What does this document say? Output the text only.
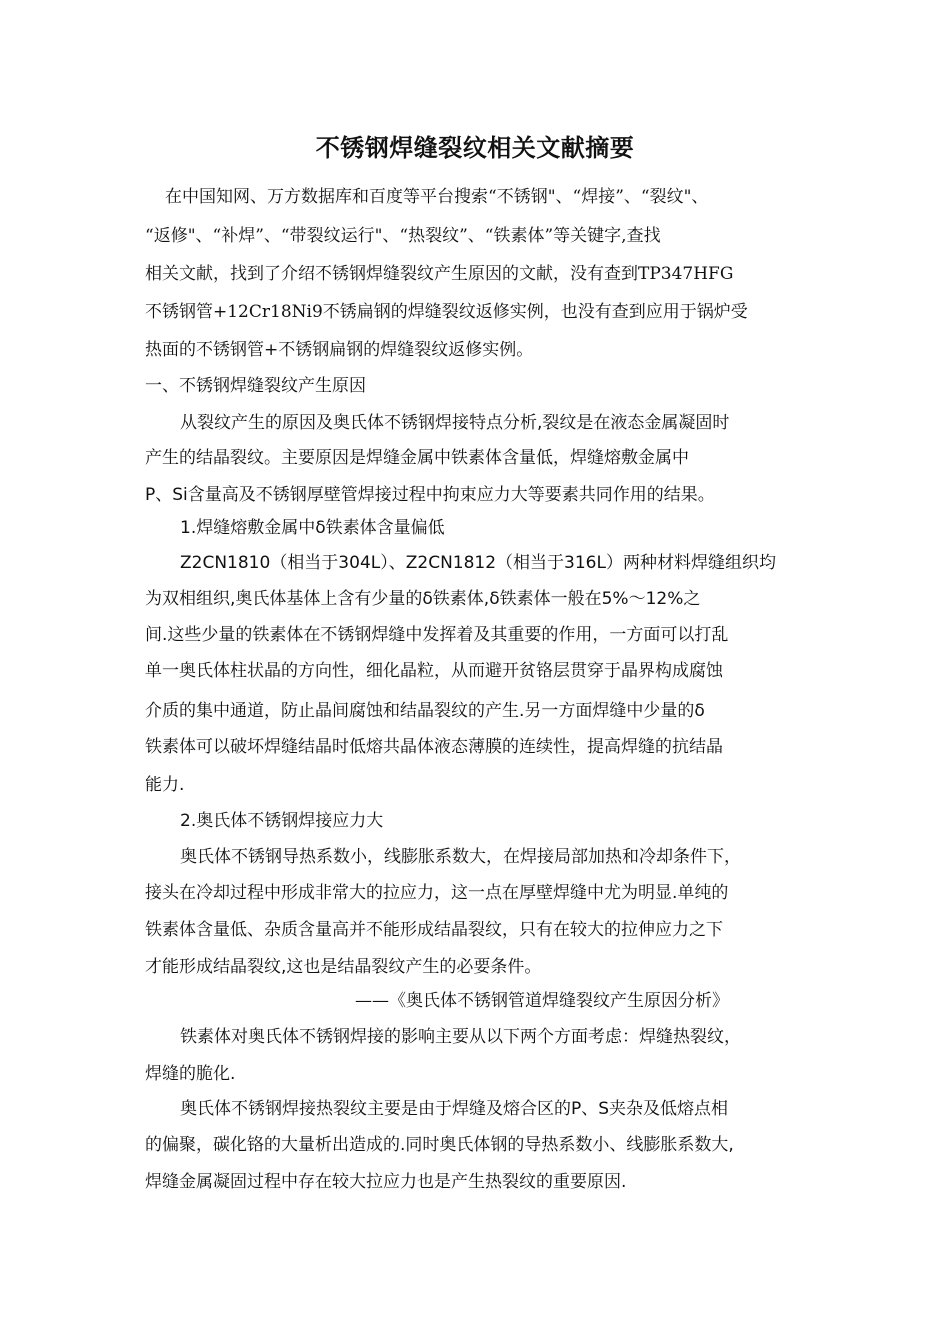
不锈钢焊缝裂纹相关文献摘要
在中国知网、万方数据库和百度等平台搜索“不锈钢"、“焊接”、“裂纹"、
“返修"、“补焊”、“带裂纹运行"、“热裂纹”、“铁素体”等关键字,查找
相关文献，找到了介绍不锈钢焊缝裂纹产生原因的文献，没有查到TP347HFG
不锈钢管+12Cr18Ni9不锈扁钢的焊缝裂纹返修实例，也没有查到应用于锅炉受
热面的不锈钢管+不锈钢扁钢的焊缝裂纹返修实例。
一、不锈钢焊缝裂纹产生原因
从裂纹产生的原因及奥氏体不锈钢焊接特点分析,裂纹是在液态金属凝固时
产生的结晶裂纹。主要原因是焊缝金属中铁素体含量低，焊缝熔敷金属中
P、Si含量高及不锈钢厚壁管焊接过程中拘束应力大等要素共同作用的结果。
1.焊缝熔敷金属中δ铁素体含量偏低
Z2CN1810（相当于304L）、Z2CN1812（相当于316L）两种材料焊缝组织均
为双相组织,奥氏体基体上含有少量的δ铁素体,δ铁素体一般在5%～12%之
间.这些少量的铁素体在不锈钢焊缝中发挥着及其重要的作用，一方面可以打乱
单一奥氏体柱状晶的方向性，细化晶粒，从而避开贫铬层贯穿于晶界构成腐蚀
介质的集中通道，防止晶间腐蚀和结晶裂纹的产生.另一方面焊缝中少量的δ
铁素体可以破坏焊缝结晶时低熔共晶体液态薄膜的连续性，提高焊缝的抗结晶
能力.
2.奥氏体不锈钢焊接应力大
奥氏体不锈钢导热系数小，线膨胀系数大，在焊接局部加热和冷却条件下，
接头在冷却过程中形成非常大的拉应力，这一点在厚壁焊缝中尤为明显.单纯的
铁素体含量低、杂质含量高并不能形成结晶裂纹，只有在较大的拉伸应力之下
才能形成结晶裂纹,这也是结晶裂纹产生的必要条件。
——《奥氏体不锈钢管道焊缝裂纹产生原因分析》
铁素体对奥氏体不锈钢焊接的影响主要从以下两个方面考虑：焊缝热裂纹，
焊缝的脆化.
奥氏体不锈钢焊接热裂纹主要是由于焊缝及熔合区的P、S夹杂及低熔点相
的偏聚，碳化铬的大量析出造成的.同时奥氏体钢的导热系数小、线膨胀系数大,
焊缝金属凝固过程中存在较大拉应力也是产生热裂纹的重要原因.
